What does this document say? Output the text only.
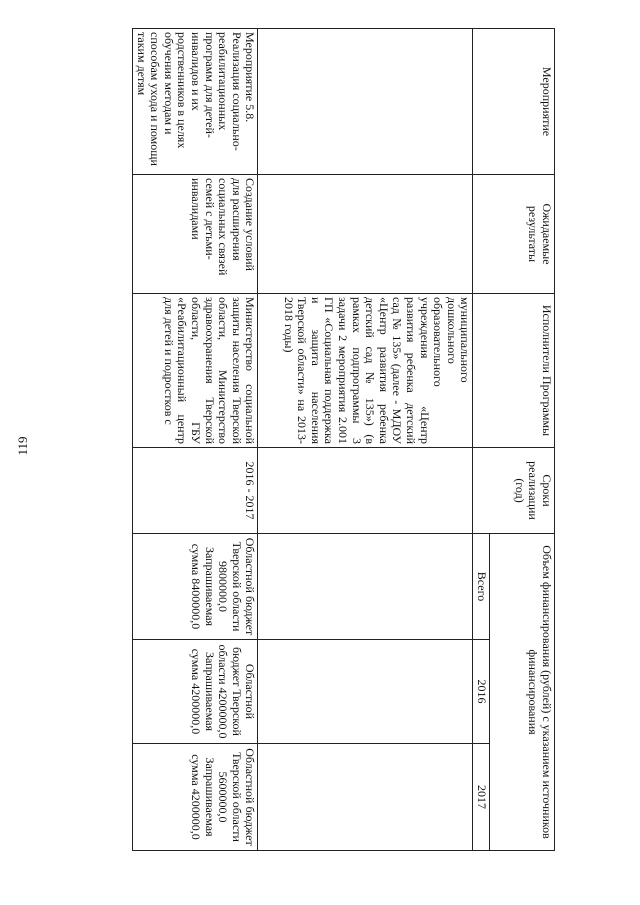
119
Мероприятие	Ожидаемые результаты	Исполнители Программы	Сроки реализации (год)	Объем финансирования (рублей) с указанием источников финансирования		
				Всего	2016	2017
		муниципального дошкольного образовательного учреждения «Центр развития ребенка детский сад № 135» (далее - МДОУ «Центр развития ребенка детский сад № 135») (в рамках подпрограммы 3 задачи 2 мероприятия 2.001 ГП «Социальная поддержка и защита населения Тверской области» на 2013-2018 годы)				
Мероприятие 5.8. Реализация социально-реабилитационных программ для детей-инвалидов и их родственников в целях обучения методам и способам ухода и помощи таким детям	Создание условий для расширения социальных связей семей с детьми-инвалидами	Министерство социальной защиты населения Тверской области, Министерство здравоохранения Тверской области, ГБУ «Реабилитационный центр для детей и подростков с	2016 - 2017	Областной бюджет Тверской области 9800000,0 Запрашиваемая сумма 8400000,0	Областной бюджет Тверской области 4200000,0 Запрашиваемая сумма 4200000,0	Областной бюджет Тверской области 5600000,0 Запрашиваемая сумма 4200000,0
